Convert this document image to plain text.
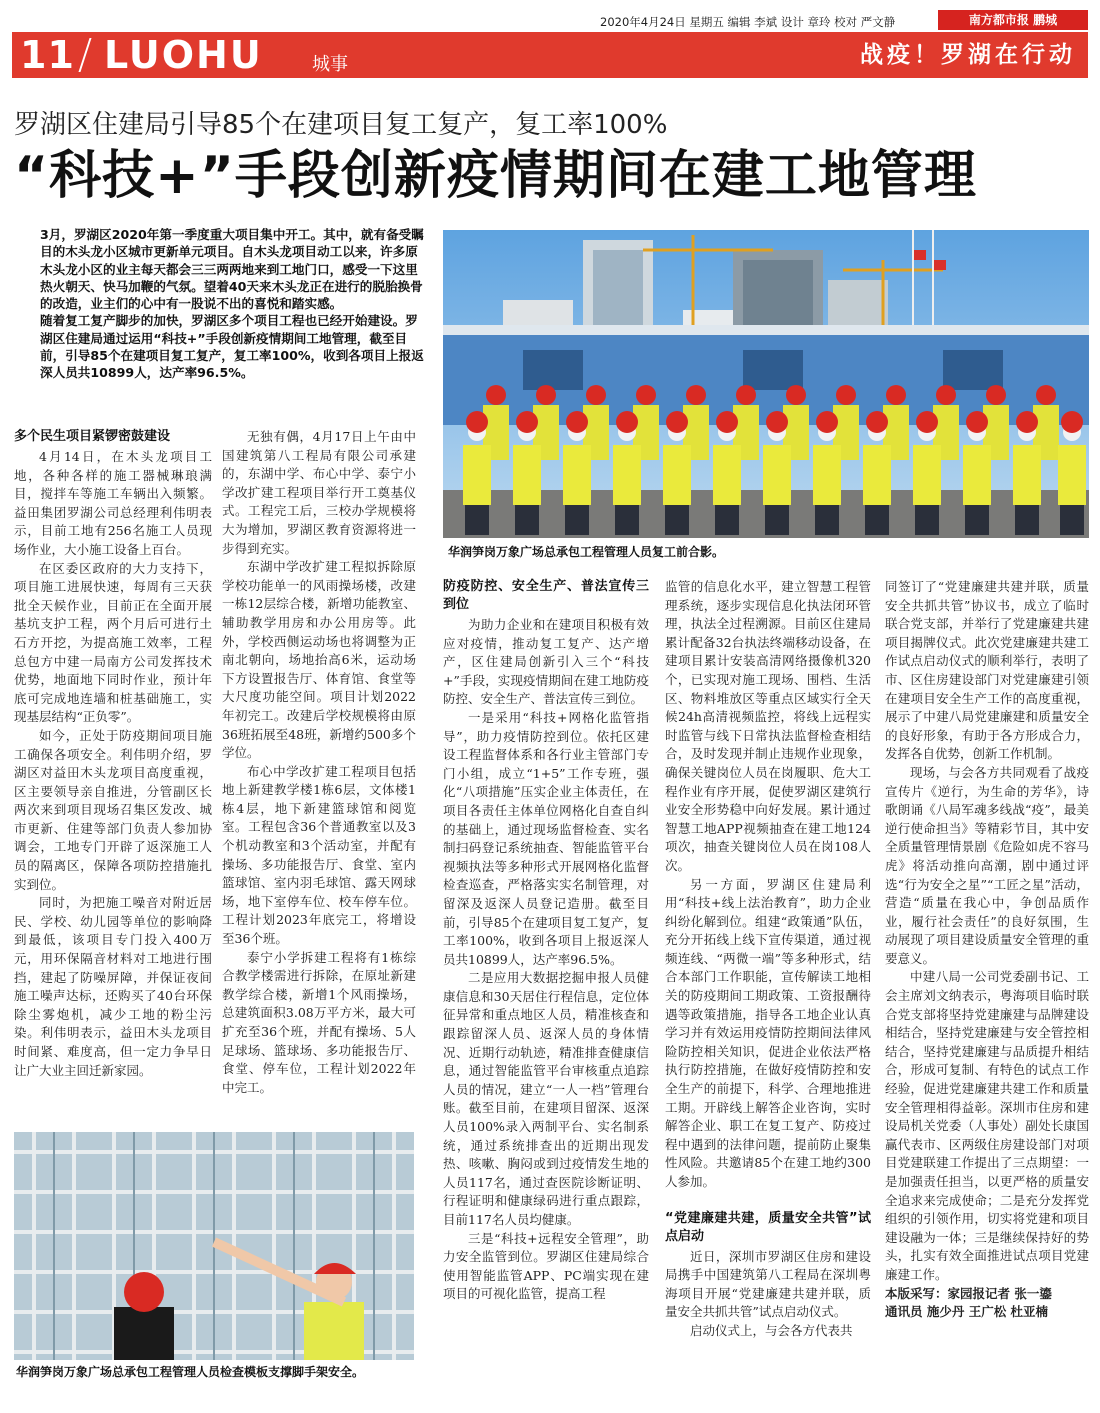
2020年4月24日 星期五 编辑 李斌 设计 章玲 校对 严文静	南方都市报 鹏城
11 LUOHU	城事	战疫！罗湖在行动
罗湖区住建局引导85个在建项目复工复产，复工率100%
“科技+”手段创新疫情期间在建工地管理

3月，罗湖区2020年第一季度重大项目集中开工。其中，就有备受瞩目的木头龙小区城市更新单元项目。自木头龙项目动工以来，许多原木头龙小区的业主每天都会三三两两地来到工地门口，感受一下这里热火朝天、快马加鞭的气氛。望着40天来木头龙正在进行的脱胎换骨的改造，业主们的心中有一股说不出的喜悦和踏实感。

随着复工复产脚步的加快，罗湖区多个项目工程也已经开始建设。罗湖区住建局通过运用“科技+”手段创新疫情期间工地管理，截至目前，引导85个在建项目复工复产，复工率100%，收到各项目上报返深人员共10899人，达产率96.5%。

华润笋岗万象广场总承包工程管理人员复工前合影。
华润笋岗万象广场总承包工程管理人员检查模板支撑脚手架安全。
多个民生项目紧锣密鼓建设

4月14日，在木头龙项目工地，各种各样的施工器械琳琅满目，搅拌车等施工车辆出入频繁。益田集团罗湖公司总经理利伟明表示，目前工地有256名施工人员现场作业，大小施工设备上百台。

在区委区政府的大力支持下，项目施工进展快速，每周有三天获批全天候作业，目前正在全面开展基坑支护工程，两个月后可进行土石方开挖，为提高施工效率，工程总包方中建一局南方公司发挥技术优势，地面地下同时作业，预计年底可完成地连墙和桩基础施工，实现基层结构“正负零”。

如今，正处于防疫期间项目施工确保各项安全。利伟明介绍，罗湖区对益田木头龙项目高度重视，区主要领导亲自推进，分管副区长两次来到项目现场召集区发改、城市更新、住建等部门负责人参加协调会，工地专门开辟了返深施工人员的隔离区，保障各项防控措施扎实到位。

同时，为把施工噪音对附近居民、学校、幼儿园等单位的影响降到最低，该项目专门投入400万元，用环保隔音材料对工地进行围挡，建起了防噪屏障，并保证夜间施工噪声达标，还购买了40台环保除尘雾炮机，减少工地的粉尘污染。利伟明表示，益田木头龙项目时间紧、难度高，但一定力争早日让广大业主回迁新家园。

无独有偶，4月17日上午由中国建筑第八工程局有限公司承建的，东湖中学、布心中学、泰宁小学改扩建工程项目举行开工奠基仪式。工程完工后，三校办学规模将大为增加，罗湖区教育资源将进一步得到充实。

东湖中学改扩建工程拟拆除原学校功能单一的风雨操场楼，改建一栋12层综合楼，新增功能教室、辅助教学用房和办公用房等。此外，学校西侧运动场也将调整为正南北朝向，场地抬高6米，运动场下方设置报告厅、体育馆、食堂等大尺度功能空间。项目计划2022年初完工。改建后学校规模将由原36班拓展至48班，新增约500多个学位。

布心中学改扩建工程项目包括地上新建教学楼1栋6层，文体楼1栋4层，地下新建篮球馆和阅览室。工程包含36个普通教室以及3个机动教室和3个活动室，并配有操场、多功能报告厅、食堂、室内篮球馆、室内羽毛球馆、露天网球场，地下室停车位、校车停车位。工程计划2023年底完工，将增设至36个班。

泰宁小学拆建工程将有1栋综合教学楼需进行拆除，在原址新建教学综合楼，新增1个风雨操场，总建筑面积3.08万平方米，最大可扩充至36个班，并配有操场、5人足球场、篮球场、多功能报告厅、食堂、停车位，工程计划2022年中完工。

防疫防控、安全生产、普法宣传三到位

为助力企业和在建项目积极有效应对疫情，推动复工复产、达产增产，区住建局创新引入三个“科技+”手段，实现疫情期间在建工地防疫防控、安全生产、普法宣传三到位。

一是采用“科技+网格化监管指导”，助力疫情防控到位。依托区建设工程监督体系和各行业主管部门专门小组，成立“1+5”工作专班，强化“八项措施”压实企业主体责任，在项目各责任主体单位网格化自查自纠的基础上，通过现场监督检查、实名制扫码登记系统抽查、智能监管平台视频执法等多种形式开展网格化监督检查巡查，严格落实实名制管理，对留深及返深人员登记造册。截至目前，引导85个在建项目复工复产，复工率100%，收到各项目上报返深人员共10899人，达产率96.5%。

二是应用大数据挖掘申报人员健康信息和30天居住行程信息，定位体征异常和重点地区人员，精准核查和跟踪留深人员、返深人员的身体情况、近期行动轨迹，精准排查健康信息，通过智能监管平台审核重点追踪人员的情况，建立“一人一档”管理台账。截至目前，在建项目留深、返深人员100%录入两制平台、实名制系统，通过系统排查出的近期出现发热、咳嗽、胸闷或到过疫情发生地的人员117名，通过查医院诊断证明、行程证明和健康绿码进行重点跟踪，目前117名人员均健康。

三是“科技+远程安全管理”，助力安全监管到位。罗湖区住建局综合使用智能监管APP、PC端实现在建项目的可视化监管，提高工程

监管的信息化水平，建立智慧工程管理系统，逐步实现信息化执法闭环管理，执法全过程溯源。目前区住建局累计配备32台执法终端移动设备，在建项目累计安装高清网络摄像机320个，已实现对施工现场、围档、生活区、物料堆放区等重点区域实行全天候24h高清视频监控，将线上远程实时监管与线下日常执法监督检查相结合，及时发现并制止违规作业现象，确保关键岗位人员在岗履职、危大工程作业有序开展，促使罗湖区建筑行业安全形势稳中向好发展。累计通过智慧工地APP视频抽查在建工地124项次，抽查关键岗位人员在岗108人次。

另一方面，罗湖区住建局利用“科技+线上法治教育”，助力企业纠纷化解到位。组建“政策通”队伍，充分开拓线上线下宣传渠道，通过视频连线、“两微一端”等多种形式，结合本部门工作职能，宣传解读工地相关的防疫期间工期政策、工资报酬待遇等政策措施，指导各工地企业认真学习并有效运用疫情防控期间法律风险防控相关知识，促进企业依法严格执行防控措施，在做好疫情防控和安全生产的前提下，科学、合理地推进工期。开辟线上解答企业咨询，实时解答企业、职工在复工复产、防疫过程中遇到的法律问题，提前防止聚集性风险。共邀请85个在建工地约300人参加。

“党建廉建共建，质量安全共管”试点启动

近日，深圳市罗湖区住房和建设局携手中国建筑第八工程局在深圳粤海项目开展“党建廉建共建并联，质量安全共抓共管”试点启动仪式。

启动仪式上，与会各方代表共

同签订了“党建廉建共建并联，质量安全共抓共管”协议书，成立了临时联合党支部，并举行了党建廉建共建项目揭牌仪式。此次党建廉建共建工作试点启动仪式的顺利举行，表明了市、区住房建设部门对党建廉建引领在建项目安全生产工作的高度重视，展示了中建八局党建廉建和质量安全的良好形象，有助于各方形成合力，发挥各自优势，创新工作机制。

现场，与会各方共同观看了战疫宣传片《逆行，为生命的芳华》，诗歌朗诵《八局军魂多线战“疫”，最美逆行使命担当》等精彩节目，其中安全质量管理情景剧《危险如虎不容马虎》将活动推向高潮，剧中通过评选“行为安全之星”“工匠之星”活动，营造“质量在我心中，争创品质作业，履行社会责任”的良好氛围，生动展现了项目建设质量安全管理的重要意义。

中建八局一公司党委副书记、工会主席刘文纳表示，粤海项目临时联合党支部将坚持党建廉建与品牌建设相结合，坚持党建廉建与安全管控相结合，坚持党建廉建与品质提升相结合，形成可复制、有特色的试点工作经验，促进党建廉建共建工作和质量安全管理相得益彰。深圳市住房和建设局机关党委（人事处）副处长康国赢代表市、区两级住房建设部门对项目党建联建工作提出了三点期望：一是加强责任担当，以更严格的质量安全追求来完成使命；二是充分发挥党组织的引领作用，切实将党建和项目建设融为一体；三是继续保持好的势头，扎实有效全面推进试点项目党建廉建工作。

本版采写：家园报记者 张一鎏

通讯员 施少丹 王广松 杜亚楠
